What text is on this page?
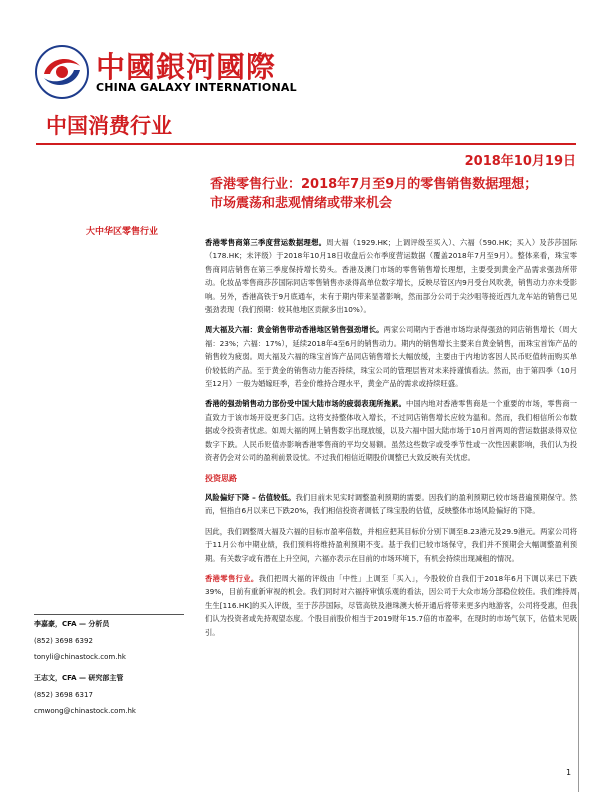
中國銀河國際
CHINA GALAXY INTERNATIONAL
中国消费行业
2018年10月19日
香港零售行业：2018年7月至9月的零售销售数据理想；
市场震荡和悲观情绪或带来机会
大中华区零售行业

香港零售商第三季度营运数据理想。周大福（1929.HK；上调评级至买入）、六福（590.HK；买入）及莎莎国际（178.HK；未评级）于2018年10月18日收盘后公布季度营运数据（覆盖2018年7月至9月）。整体来看，珠宝零售商同店销售在第三季度保持增长势头。香港及澳门市场的零售销售增长理想，主要受到黄金产品需求强劲所带动。化妆品零售商莎莎国际同店零售销售亦录得高单位数字增长，反映尽管区内9月受台风吹袭，销售动力亦未受影响。另外，香港高铁于9月底通车，未有于期内带来显著影响，然而部分公司于尖沙咀等接近西九龙车站的销售已见强劲表现（我们预期：较其他地区贡献多出10%）。

周大福及六福：黄金销售带动香港地区销售强劲增长。两家公司期内于香港市场均录得强劲的同店销售增长（周大福：23%；六福：17%），延续2018年4至6月的销售动力。期内的销售增长主要来自黄金销售，而珠宝首饰产品的销售较为疲弱。周大福及六福的珠宝首饰产品同店销售增长大幅放缓，主要由于内地访客因人民币贬值转而购买单价较低的产品。至于黄金的销售动力能否持续，珠宝公司的管理层皆对未来持谨慎看法。然而，由于第四季（10月至12月）一般为婚嫁旺季，若金价维持合理水平，黄金产品的需求或持续旺盛。

香港的强劲销售动力部份受中国大陆市场的疲弱表现所拖累。中国内地对香港零售商是一个重要的市场，零售商一直致力于该市场开设更多门店。这将支持整体收入增长，不过同店销售增长应较为温和。然而，我们相信所公布数据或令投资者忧虑。如周大福的网上销售数字出现放缓，以及六福中国大陆市场于10月首两周的营运数据录得双位数字下跌。人民币贬值亦影响香港零售商的平均交易额。虽然这些数字或受季节性或一次性因素影响，我们认为投资者仍会对公司的盈利前景设忧。不过我们相信近期股价调整已大致反映有关忧虑。

投资思路

风险偏好下降 – 估值较低。我们目前未见实时调整盈利预期的需要。因我们的盈利预期已较市场普遍预期保守。然而，恒指自6月以来已下跌20%，我们相信投资者调低了珠宝股的估值，反映整体市场风险偏好的下降。

因此，我们调整周大福及六福的目标市盈率倍数，并相应把其目标价分别下调至8.23港元及29.9港元。两家公司将于11月公布中期业绩，我们预料将维持盈利预期不变。基于我们已较市场保守，我们并不预期会大幅调整盈利预期。有关数字或有潜在上升空间，六福亦表示在目前的市场环境下，有机会持续出现减租的情况。

香港零售行业。我们把周大福的评级由「中性」上调至「买入」，今股较价自我们于2018年6月下调以来已下跌39%，目前有重新审视的机会。我们同时对六福持审慎乐观的看法，因公司于大众市场分部稳位较佳。我们维持周生生[116.HK]的买入评级，至于莎莎国际，尽管高铁及港珠澳大桥开通后将带来更多内地游客，公司将受惠，但我们认为投资者或先持观望态度。个股目前股价相当于2019财年15.7倍的市盈率，在现时的市场气氛下，估值未见吸引。

李嘉豪，CFA — 分析员
(852) 3698 6392
tonyli@chinastock.com.hk
王志文，CFA — 研究部主管
(852) 3698 6317
cmwong@chinastock.com.hk
1
